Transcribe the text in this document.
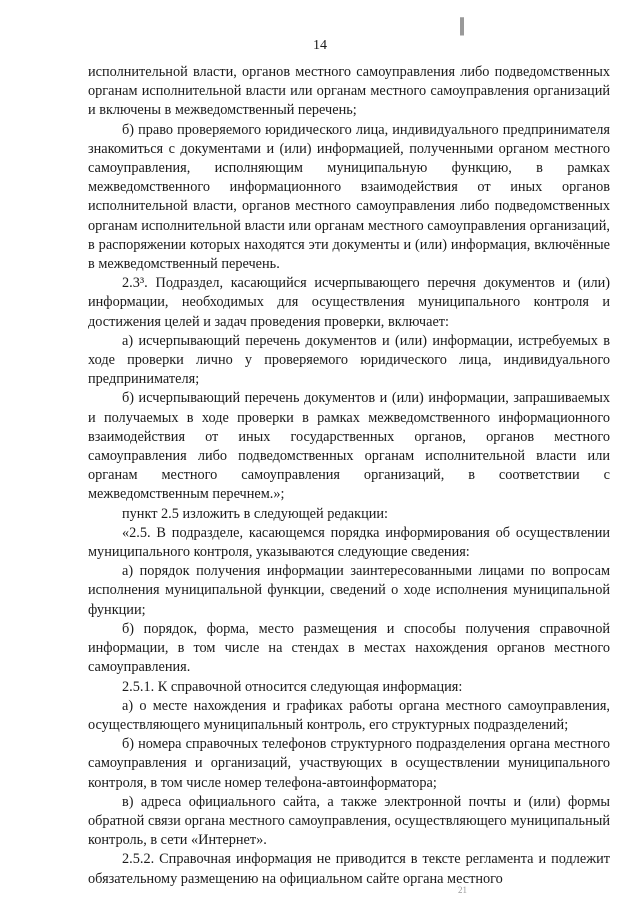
||
14

исполнительной власти, органов местного самоуправления либо подведомственных органам исполнительной власти или органам местного самоуправления организаций и включены в межведомственный перечень;

б) право проверяемого юридического лица, индивидуального предпринимателя знакомиться с документами и (или) информацией, полученными органом местного самоуправления, исполняющим муниципальную функцию, в рамках межведомственного информационного взаимодействия от иных органов исполнительной власти, органов местного самоуправления либо подведомственных органам исполнительной власти или органам местного самоуправления организаций, в распоряжении которых находятся эти документы и (или) информация, включённые в межведомственный перечень.

2.3³. Подраздел, касающийся исчерпывающего перечня документов и (или) информации, необходимых для осуществления муниципального контроля и достижения целей и задач проведения проверки, включает:

а) исчерпывающий перечень документов и (или) информации, истребуемых в ходе проверки лично у проверяемого юридического лица, индивидуального предпринимателя;

б) исчерпывающий перечень документов и (или) информации, запрашиваемых и получаемых в ходе проверки в рамках межведомственного информационного взаимодействия от иных государственных органов, органов местного самоуправления либо подведомственных органам исполнительной власти или органам местного самоуправления организаций, в соответствии с межведомственным перечнем.»;

пункт 2.5 изложить в следующей редакции:

«2.5. В подразделе, касающемся порядка информирования об осуществлении муниципального контроля, указываются следующие сведения:

а) порядок получения информации заинтересованными лицами по вопросам исполнения муниципальной функции, сведений о ходе исполнения муниципальной функции;

б) порядок, форма, место размещения и способы получения справочной информации, в том числе на стендах в местах нахождения органов местного самоуправления.

2.5.1. К справочной относится следующая информация:

а) о месте нахождения и графиках работы органа местного самоуправления, осуществляющего муниципальный контроль, его структурных подразделений;

б) номера справочных телефонов структурного подразделения органа местного самоуправления и организаций, участвующих в осуществлении муниципального контроля, в том числе номер телефона-автоинформатора;

в) адреса официального сайта, а также электронной почты и (или) формы обратной связи органа местного самоуправления, осуществляющего муниципальный контроль, в сети «Интернет».

2.5.2. Справочная информация не приводится в тексте регламента и подлежит обязательному размещению на официальном сайте органа местного

21
